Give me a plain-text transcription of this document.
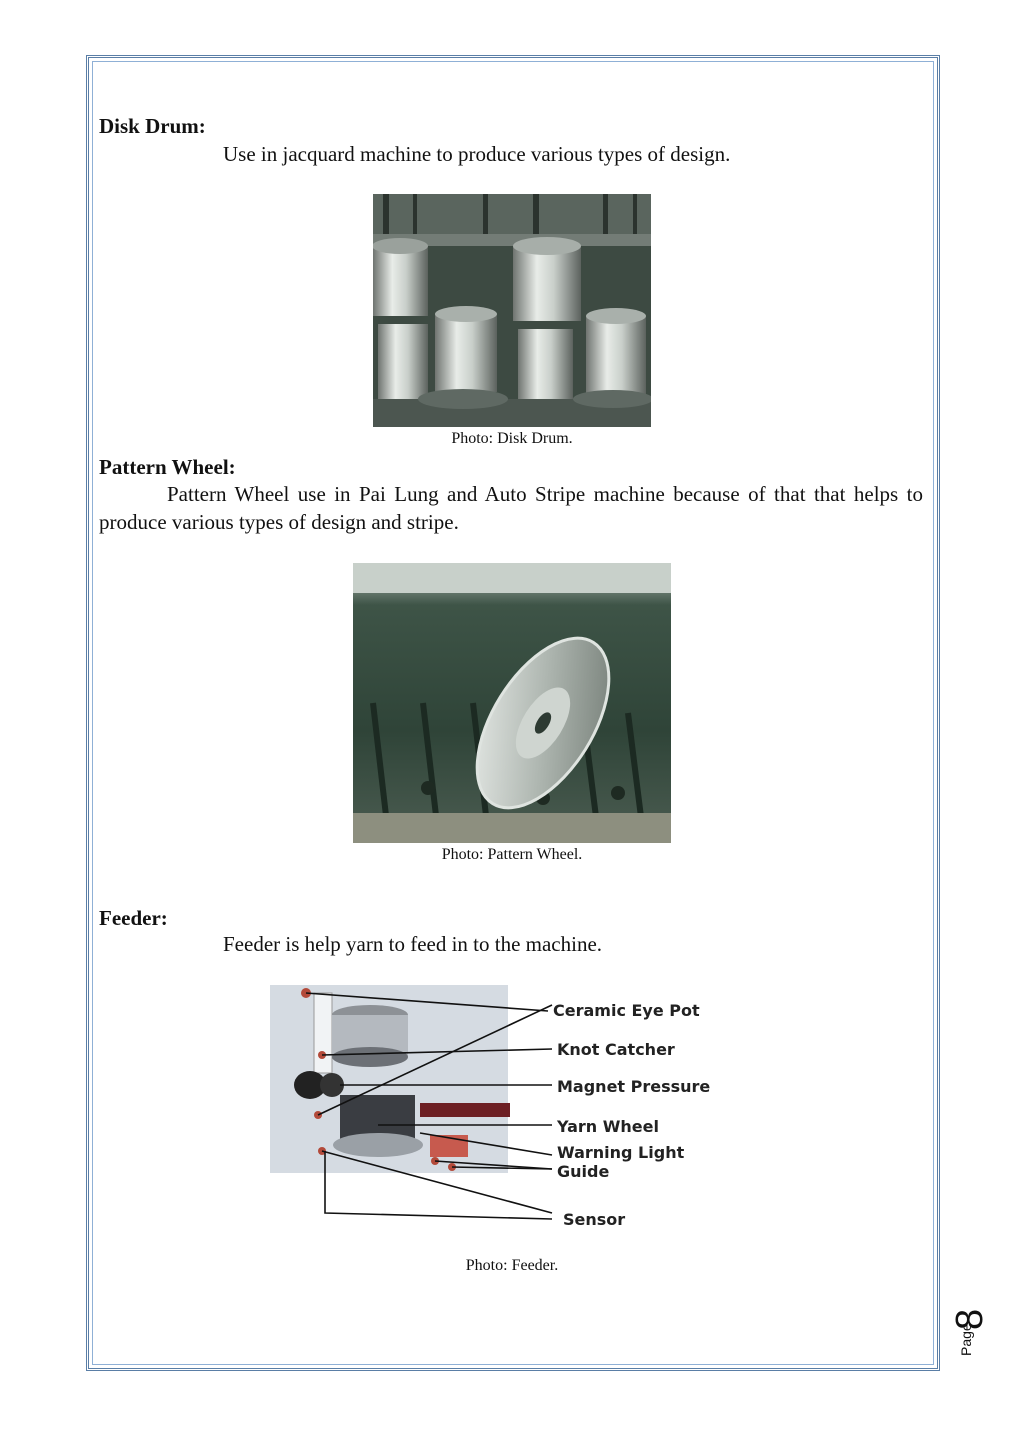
Disk Drum:
Use in jacquard machine to produce various types of design.
Photo: Disk Drum.
Pattern Wheel:
Pattern Wheel use in Pai Lung and Auto Stripe machine because of that that helps to produce various types of design and stripe.
Photo: Pattern Wheel.
Feeder:
Feeder is help yarn to feed in to the machine.
Ceramic Eye Pot
Knot Catcher
Magnet Pressure
Yarn Wheel
Warning Light
Guide
Sensor
Photo: Feeder.
Page
8
